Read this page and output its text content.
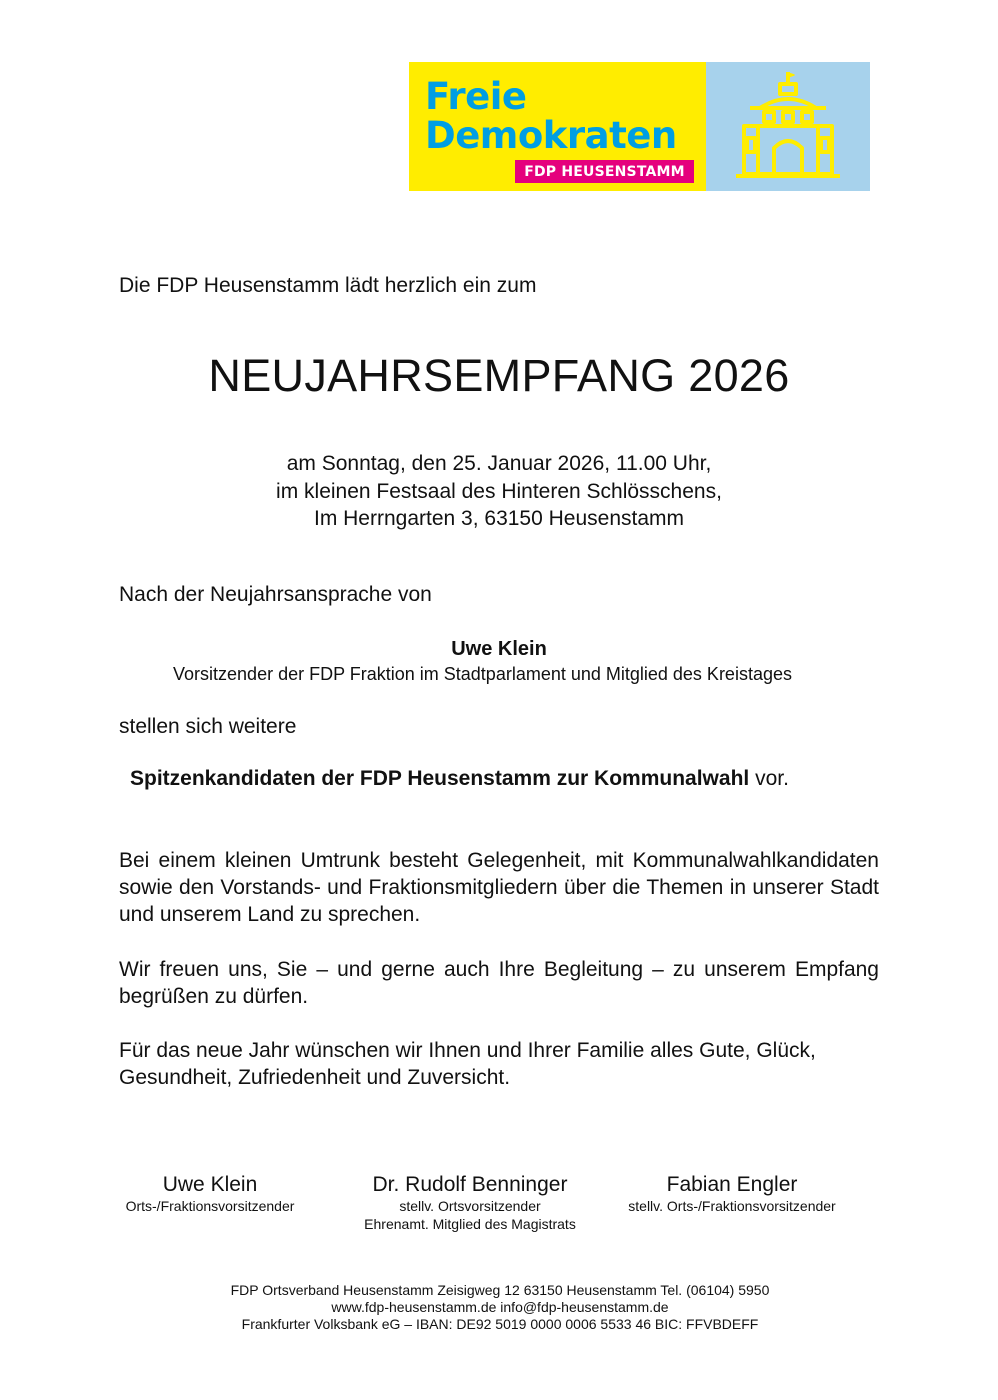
Freie
Demokraten
FDP HEUSENSTAMM
Die FDP Heusenstamm lädt herzlich ein zum
NEUJAHRSEMPFANG 2026
am Sonntag, den 25. Januar 2026, 11.00 Uhr,
im kleinen Festsaal des Hinteren Schlösschens,
Im Herrngarten 3, 63150 Heusenstamm
Nach der Neujahrsansprache von
Uwe Klein
Vorsitzender der FDP Fraktion im Stadtparlament und Mitglied des Kreistages
stellen sich weitere
Spitzenkandidaten der FDP Heusenstamm zur Kommunalwahl vor.
Bei einem kleinen Umtrunk besteht Gelegenheit, mit Kommunalwahlkandidaten sowie den Vorstands- und Fraktionsmitgliedern über die Themen in unserer Stadt und unserem Land zu sprechen.
Wir freuen uns, Sie – und gerne auch Ihre Begleitung – zu unserem Empfang begrüßen zu dürfen.
Für das neue Jahr wünschen wir Ihnen und Ihrer Familie alles Gute, Glück, Gesundheit, Zufriedenheit und Zuversicht.
Uwe Klein
Orts-/Fraktionsvorsitzender
Dr. Rudolf Benninger
stellv. Ortsvorsitzender
Ehrenamt. Mitglied des Magistrats
Fabian Engler
stellv. Orts-/Fraktionsvorsitzender
FDP Ortsverband Heusenstamm Zeisigweg 12 63150 Heusenstamm Tel. (06104) 5950
www.fdp-heusenstamm.de info@fdp-heusenstamm.de
Frankfurter Volksbank eG – IBAN: DE92 5019 0000 0006 5533 46 BIC: FFVBDEFF
